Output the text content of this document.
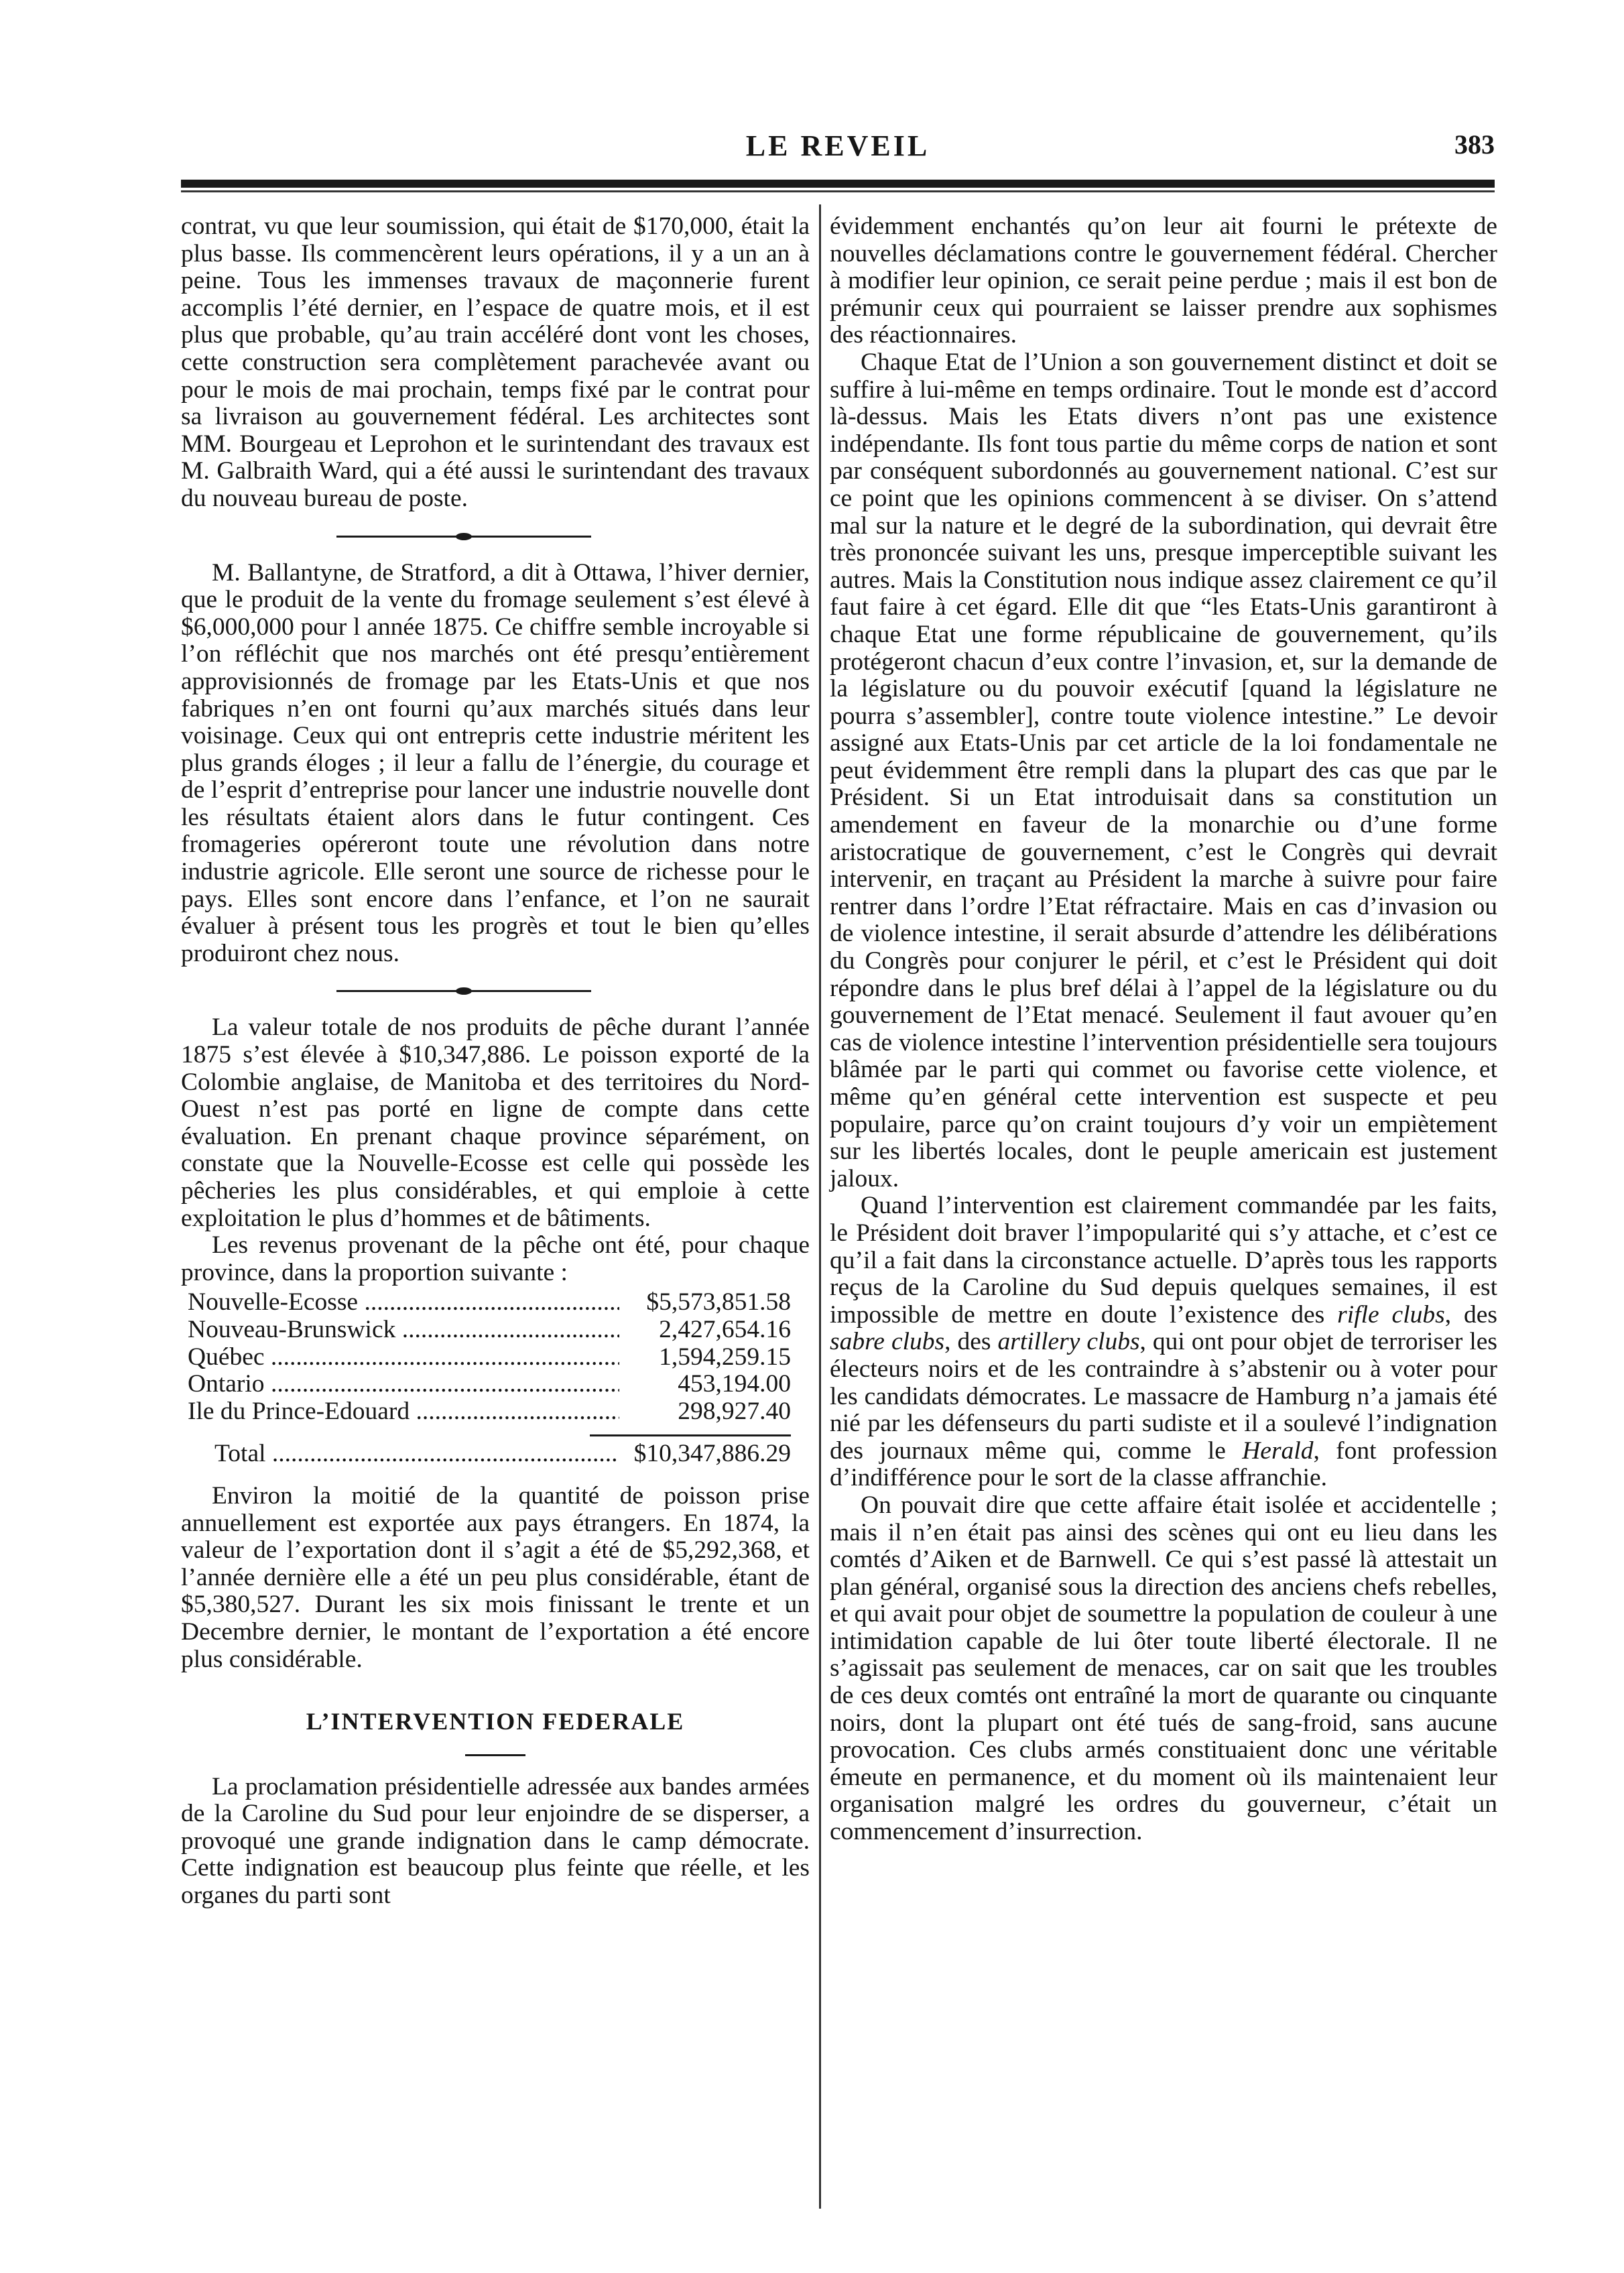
LE REVEIL	383

contrat, vu que leur soumission, qui était de $170,000, était la plus basse. Ils commencèrent leurs opérations, il y a un an à peine. Tous les immenses travaux de maçonnerie furent accomplis l’été dernier, en l’espace de quatre mois, et il est plus que probable, qu’au train accéléré dont vont les choses, cette construction sera complètement parachevée avant ou pour le mois de mai prochain, temps fixé par le contrat pour sa livraison au gouvernement fédéral. Les architectes sont MM. Bourgeau et Leprohon et le surintendant des travaux est M. Galbraith Ward, qui a été aussi le surintendant des travaux du nouveau bureau de poste.

M. Ballantyne, de Stratford, a dit à Ottawa, l’hiver dernier, que le produit de la vente du fromage seulement s’est élevé à $6,000,000 pour l année 1875. Ce chiffre semble incroyable si l’on réfléchit que nos marchés ont été presqu’entièrement approvisionnés de fromage par les Etats-Unis et que nos fabriques n’en ont fourni qu’aux marchés situés dans leur voisinage. Ceux qui ont entrepris cette industrie méritent les plus grands éloges ; il leur a fallu de l’énergie, du courage et de l’esprit d’entreprise pour lancer une industrie nouvelle dont les résultats étaient alors dans le futur contingent. Ces fromageries opéreront toute une révolution dans notre industrie agricole. Elle seront une source de richesse pour le pays. Elles sont encore dans l’enfance, et l’on ne saurait évaluer à présent tous les progrès et tout le bien qu’elles produiront chez nous.

La valeur totale de nos produits de pêche durant l’année 1875 s’est élevée à $10,347,886. Le poisson exporté de la Colombie anglaise, de Manitoba et des territoires du Nord-Ouest n’est pas porté en ligne de compte dans cette évaluation. En prenant chaque province séparément, on constate que la Nouvelle-Ecosse est celle qui possède les pêcheries les plus considérables, et qui emploie à cette exploitation le plus d’hommes et de bâtiments.

Les revenus provenant de la pêche ont été, pour chaque province, dans la proportion suivante :

Nouvelle-Ecosse .....	$5,573,851.58
Nouveau-Brunswick .....	2,427,654.16
Québec .....	1,594,259.15
Ontario .....	453,194.00
Ile du Prince-Edouard .....	298,927.40
Total .....	$10,347,886.29

Environ la moitié de la quantité de poisson prise annuellement est exportée aux pays étrangers. En 1874, la valeur de l’exportation dont il s’agit a été de $5,292,368, et l’année dernière elle a été un peu plus considérable, étant de $5,380,527. Durant les six mois finissant le trente et un Decembre dernier, le montant de l’exportation a été encore plus considérable.

L’INTERVENTION FEDERALE

La proclamation présidentielle adressée aux bandes armées de la Caroline du Sud pour leur enjoindre de se disperser, a provoqué une grande indignation dans le camp démocrate. Cette indignation est beaucoup plus feinte que réelle, et les organes du parti sont

évidemment enchantés qu’on leur ait fourni le prétexte de nouvelles déclamations contre le gouvernement fédéral. Chercher à modifier leur opinion, ce serait peine perdue ; mais il est bon de prémunir ceux qui pourraient se laisser prendre aux sophismes des réactionnaires.

Chaque Etat de l’Union a son gouvernement distinct et doit se suffire à lui-même en temps ordinaire. Tout le monde est d’accord là-dessus. Mais les Etats divers n’ont pas une existence indépendante. Ils font tous partie du même corps de nation et sont par conséquent subordonnés au gouvernement national. C’est sur ce point que les opinions commencent à se diviser. On s’attend mal sur la nature et le degré de la subordination, qui devrait être très prononcée suivant les uns, presque imperceptible suivant les autres. Mais la Constitution nous indique assez clairement ce qu’il faut faire à cet égard. Elle dit que “les Etats-Unis garantiront à chaque Etat une forme républicaine de gouvernement, qu’ils protégeront chacun d’eux contre l’invasion, et, sur la demande de la législature ou du pouvoir exécutif [quand la législature ne pourra s’assembler], contre toute violence intestine.” Le devoir assigné aux Etats-Unis par cet article de la loi fondamentale ne peut évidemment être rempli dans la plupart des cas que par le Président. Si un Etat introduisait dans sa constitution un amendement en faveur de la monarchie ou d’une forme aristocratique de gouvernement, c’est le Congrès qui devrait intervenir, en traçant au Président la marche à suivre pour faire rentrer dans l’ordre l’Etat réfractaire. Mais en cas d’invasion ou de violence intestine, il serait absurde d’attendre les délibérations du Congrès pour conjurer le péril, et c’est le Président qui doit répondre dans le plus bref délai à l’appel de la législature ou du gouvernement de l’Etat menacé. Seulement il faut avouer qu’en cas de violence intestine l’intervention présidentielle sera toujours blâmée par le parti qui commet ou favorise cette violence, et même qu’en général cette intervention est suspecte et peu populaire, parce qu’on craint toujours d’y voir un empiètement sur les libertés locales, dont le peuple americain est justement jaloux.

Quand l’intervention est clairement commandée par les faits, le Président doit braver l’impopularité qui s’y attache, et c’est ce qu’il a fait dans la circonstance actuelle. D’après tous les rapports reçus de la Caroline du Sud depuis quelques semaines, il est impossible de mettre en doute l’existence des rifle clubs, des sabre clubs, des artillery clubs, qui ont pour objet de terroriser les électeurs noirs et de les contraindre à s’abstenir ou à voter pour les candidats démocrates. Le massacre de Hamburg n’a jamais été nié par les défenseurs du parti sudiste et il a soulevé l’indignation des journaux même qui, comme le Herald, font profession d’indifférence pour le sort de la classe affranchie.

On pouvait dire que cette affaire était isolée et accidentelle ; mais il n’en était pas ainsi des scènes qui ont eu lieu dans les comtés d’Aiken et de Barnwell. Ce qui s’est passé là attestait un plan général, organisé sous la direction des anciens chefs rebelles, et qui avait pour objet de soumettre la population de couleur à une intimidation capable de lui ôter toute liberté électorale. Il ne s’agissait pas seulement de menaces, car on sait que les troubles de ces deux comtés ont entraîné la mort de quarante ou cinquante noirs, dont la plupart ont été tués de sang-froid, sans aucune provocation. Ces clubs armés constituaient donc une véritable émeute en permanence, et du moment où ils maintenaient leur organisation malgré les ordres du gouverneur, c’était un commencement d’insurrection.
